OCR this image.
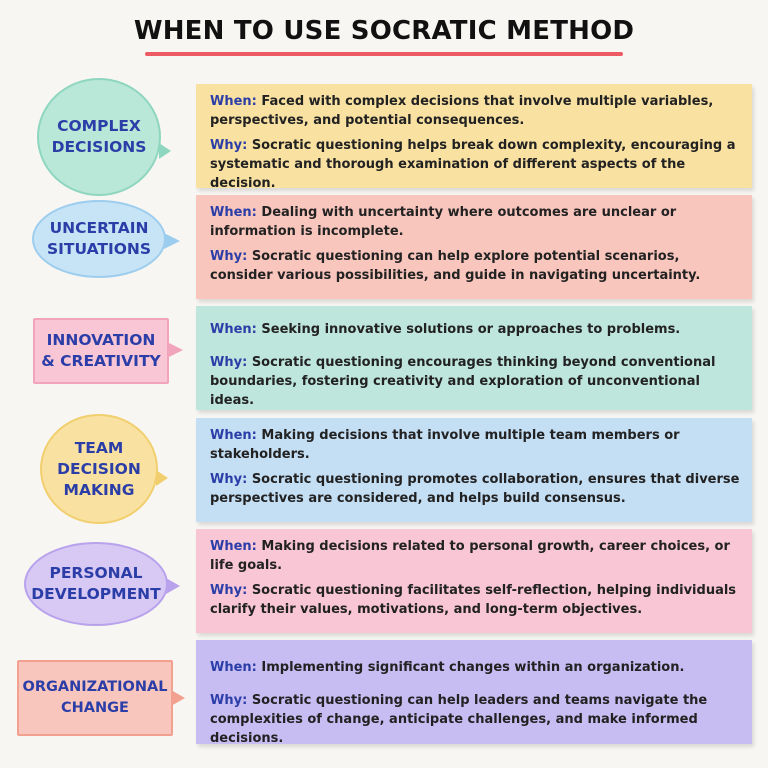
WHEN TO USE SOCRATIC METHOD
COMPLEX
DECISIONS
When: Faced with complex decisions that involve multiple variables, perspectives, and potential consequences.
Why: Socratic questioning helps break down complexity, encouraging a systematic and thorough examination of different aspects of the decision.
UNCERTAIN
SITUATIONS
When: Dealing with uncertainty where outcomes are unclear or information is incomplete.
Why: Socratic questioning can help explore potential scenarios, consider various possibilities, and guide in navigating uncertainty.
INNOVATION
& CREATIVITY
When: Seeking innovative solutions or approaches to problems.
Why: Socratic questioning encourages thinking beyond conventional boundaries, fostering creativity and exploration of unconventional ideas.
TEAM
DECISION
MAKING
When: Making decisions that involve multiple team members or stakeholders.
Why: Socratic questioning promotes collaboration, ensures that diverse perspectives are considered, and helps build consensus.
PERSONAL
DEVELOPMENT
When: Making decisions related to personal growth, career choices, or life goals.
Why: Socratic questioning facilitates self-reflection, helping individuals clarify their values, motivations, and long-term objectives.
ORGANIZATIONAL
CHANGE
When: Implementing significant changes within an organization.
Why: Socratic questioning can help leaders and teams navigate the complexities of change, anticipate challenges, and make informed decisions.
